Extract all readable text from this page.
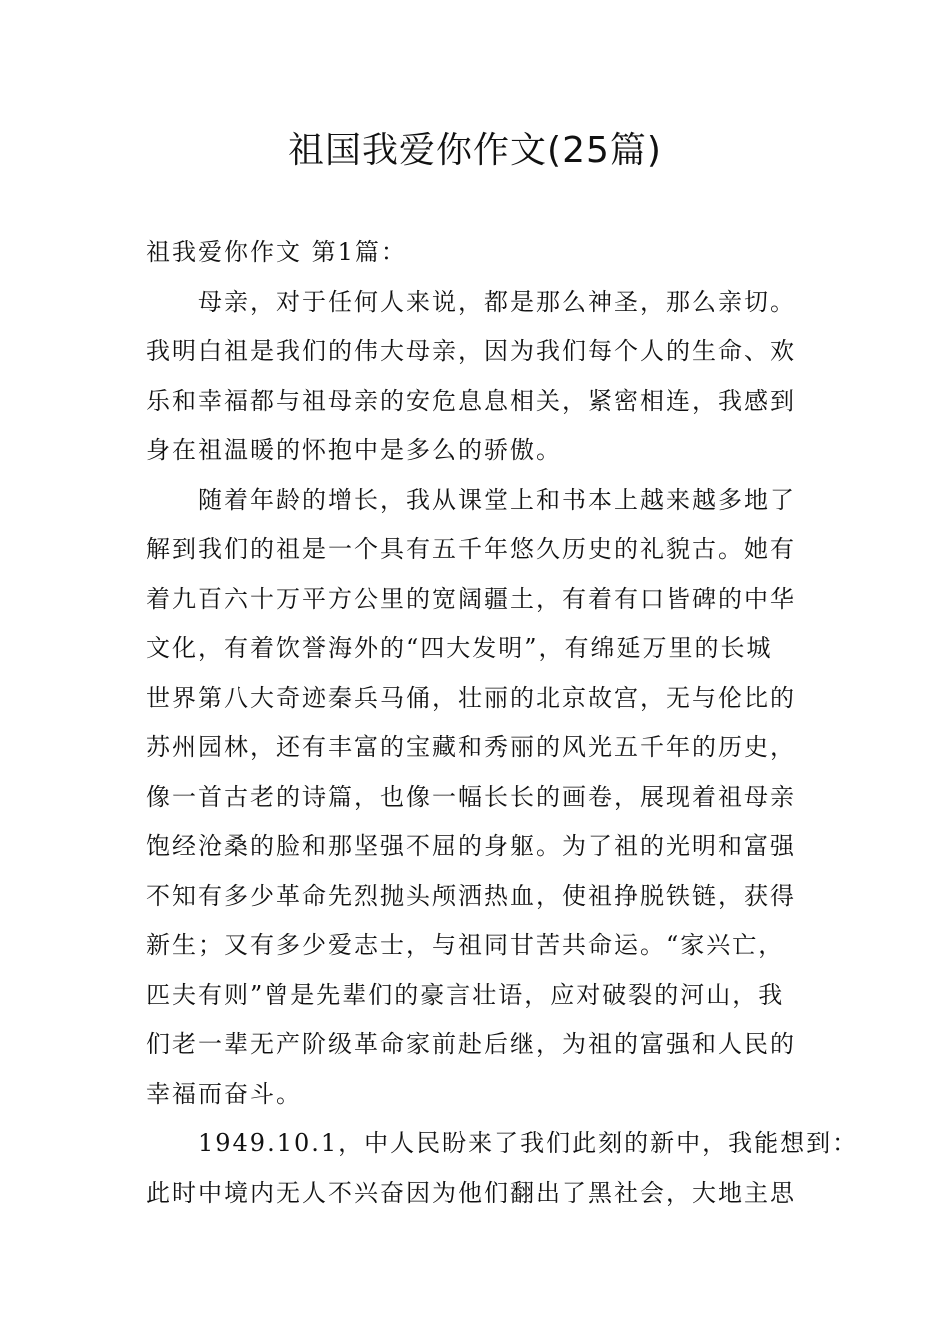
祖国我爱你作文(25篇)
祖我爱你作文 第1篇：
母亲，对于任何人来说，都是那么神圣，那么亲切。
我明白祖是我们的伟大母亲，因为我们每个人的生命、欢
乐和幸福都与祖母亲的安危息息相关，紧密相连，我感到
身在祖温暖的怀抱中是多么的骄傲。
随着年龄的增长，我从课堂上和书本上越来越多地了
解到我们的祖是一个具有五千年悠久历史的礼貌古。她有
着九百六十万平方公里的宽阔疆土，有着有口皆碑的中华
文化，有着饮誉海外的“四大发明”，有绵延万里的长城
世界第八大奇迹秦兵马俑，壮丽的北京故宫，无与伦比的
苏州园林，还有丰富的宝藏和秀丽的风光五千年的历史，
像一首古老的诗篇，也像一幅长长的画卷，展现着祖母亲
饱经沧桑的脸和那坚强不屈的身躯。为了祖的光明和富强
不知有多少革命先烈抛头颅洒热血，使祖挣脱铁链，获得
新生；又有多少爱志士，与祖同甘苦共命运。“家兴亡，
匹夫有则”曾是先辈们的豪言壮语，应对破裂的河山，我
们老一辈无产阶级革命家前赴后继，为祖的富强和人民的
幸福而奋斗。
1949.10.1，中人民盼来了我们此刻的新中，我能想到：
此时中境内无人不兴奋因为他们翻出了黑社会，大地主思
